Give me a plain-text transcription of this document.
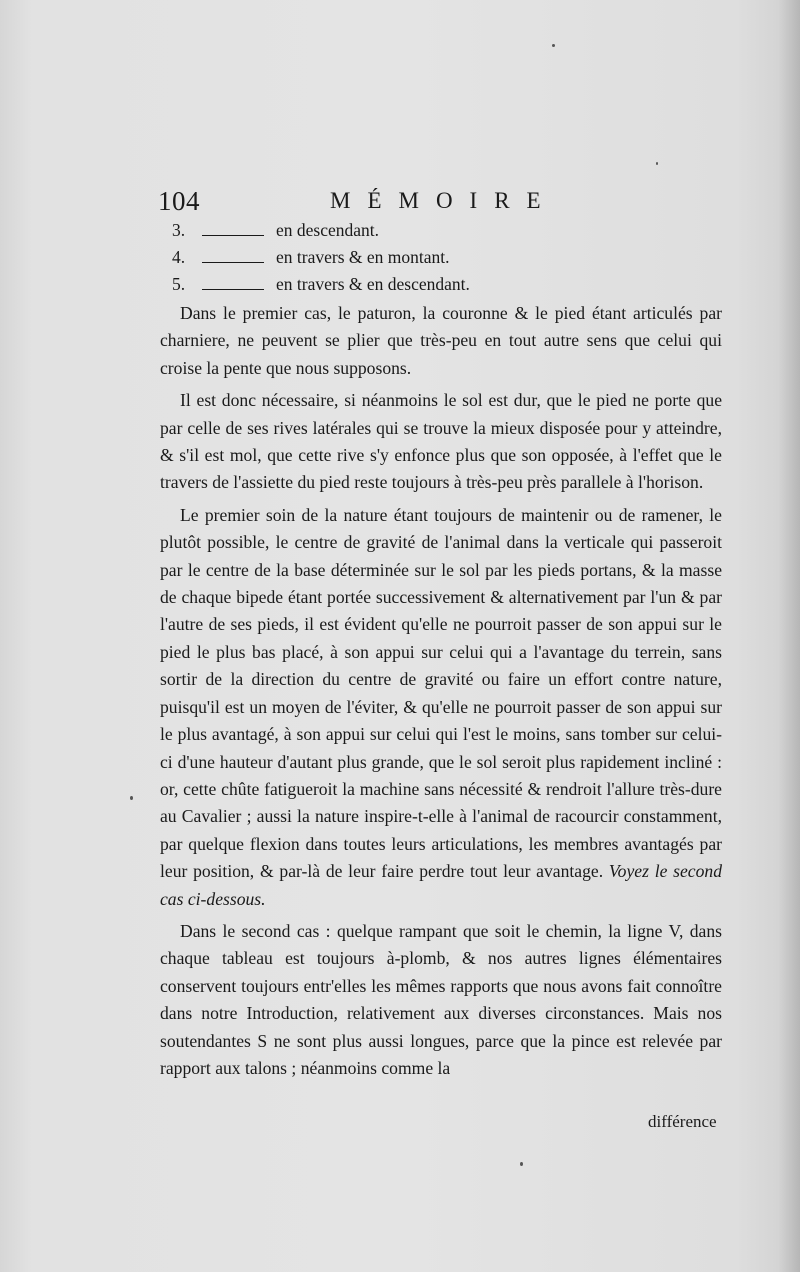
104	MÉMOIRE
3.	en descendant.
4.	en travers & en montant.
5.	en travers & en descendant.

Dans le premier cas, le paturon, la couronne & le pied étant articulés par charniere, ne peuvent se plier que très-peu en tout autre sens que celui qui croise la pente que nous supposons.

Il est donc nécessaire, si néanmoins le sol est dur, que le pied ne porte que par celle de ses rives latérales qui se trouve la mieux disposée pour y atteindre, & s'il est mol, que cette rive s'y enfonce plus que son opposée, à l'effet que le travers de l'assiette du pied reste toujours à très-peu près parallele à l'horison.

Le premier soin de la nature étant toujours de maintenir ou de ramener, le plutôt possible, le centre de gravité de l'animal dans la verticale qui passeroit par le centre de la base déterminée sur le sol par les pieds portans, & la masse de chaque bipede étant portée successivement & alternativement par l'un & par l'autre de ses pieds, il est évident qu'elle ne pourroit passer de son appui sur le pied le plus bas placé, à son appui sur celui qui a l'avantage du terrein, sans sortir de la direction du centre de gravité ou faire un effort contre nature, puisqu'il est un moyen de l'éviter, & qu'elle ne pourroit passer de son appui sur le plus avantagé, à son appui sur celui qui l'est le moins, sans tomber sur celui-ci d'une hauteur d'autant plus grande, que le sol seroit plus rapidement incliné : or, cette chûte fatigueroit la machine sans nécessité & rendroit l'allure très-dure au Cavalier ; aussi la nature inspire-t-elle à l'animal de racourcir constamment, par quelque flexion dans toutes leurs articulations, les membres avantagés par leur position, & par-là de leur faire perdre tout leur avantage. Voyez le second cas ci-dessous.

Dans le second cas : quelque rampant que soit le chemin, la ligne V, dans chaque tableau est toujours à-plomb, & nos autres lignes élémentaires conservent toujours entr'elles les mêmes rapports que nous avons fait connoître dans notre Introduction, relativement aux diverses circonstances. Mais nos soutendantes S ne sont plus aussi longues, parce que la pince est relevée par rapport aux talons ; néanmoins comme la

différence
